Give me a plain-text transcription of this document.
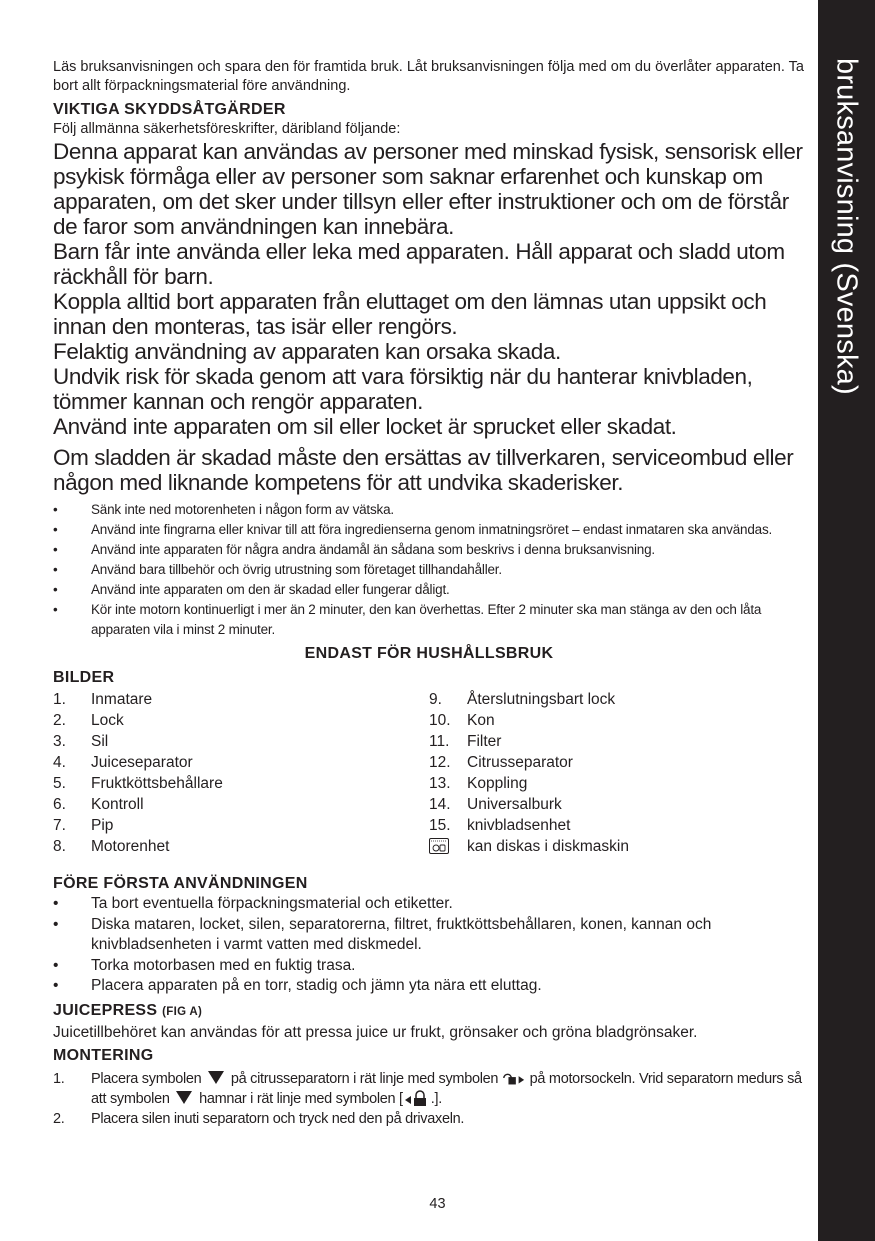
bruksanvisning (Svenska)

Läs bruksanvisningen och spara den för framtida bruk. Låt bruksanvisningen följa med om du överlåter apparaten. Ta bort allt förpackningsmaterial före användning.

VIKTIGA SKYDDSÅTGÄRDER

Följ allmänna säkerhetsföreskrifter, däribland följande:

Denna apparat kan användas av personer med minskad fysisk, sensorisk eller psykisk förmåga eller av personer som saknar erfarenhet och kunskap om apparaten, om det sker under tillsyn eller efter instruktioner och om de förstår de faror som användningen kan innebära.

Barn får inte använda eller leka med apparaten. Håll apparat och sladd utom räckhåll för barn.

Koppla alltid bort apparaten från eluttaget om den lämnas utan uppsikt och innan den monteras, tas isär eller rengörs.

Felaktig användning av apparaten kan orsaka skada.

Undvik risk för skada genom att vara försiktig när du hanterar knivbladen, tömmer kannan och rengör apparaten.

Använd inte apparaten om sil eller locket är sprucket eller skadat.

Om sladden är skadad måste den ersättas av tillverkaren, serviceombud eller någon med liknande kompetens för att undvika skaderisker.

• Sänk inte ned motorenheten i någon form av vätska.
• Använd inte fingrarna eller knivar till att föra ingredienserna genom inmatningsröret – endast inmataren ska användas.
• Använd inte apparaten för några andra ändamål än sådana som beskrivs i denna bruksanvisning.
• Använd bara tillbehör och övrig utrustning som företaget tillhandahåller.
• Använd inte apparaten om den är skadad eller fungerar dåligt.
• Kör inte motorn kontinuerligt i mer än 2 minuter, den kan överhettas. Efter 2 minuter ska man stänga av den och låta apparaten vila i minst 2 minuter.
ENDAST FÖR HUSHÅLLSBRUK
BILDER
1.	Inmatare
2.	Lock
3.	Sil
4.	Juiceseparator
5.	Fruktköttsbehållare
6.	Kontroll
7.	Pip
8.	Motorenhet
9.	Återslutningsbart lock
10.	Kon
11.	Filter
12.	Citrusseparator
13.	Koppling
14.	Universalburk
15.	knivbladsenhet
kan diskas i diskmaskin
FÖRE FÖRSTA ANVÄNDNINGEN
• Ta bort eventuella förpackningsmaterial och etiketter.
• Diska mataren, locket, silen, separatorerna, filtret, fruktköttsbehållaren, konen, kannan och knivbladsenheten i varmt vatten med diskmedel.
• Torka motorbasen med en fuktig trasa.
• Placera apparaten på en torr, stadig och jämn yta nära ett eluttag.
JUICEPRESS (FIG A)

Juicetillbehöret kan användas för att pressa juice ur frukt, grönsaker och gröna bladgrönsaker.

MONTERING
1. Placera symbolen på citrusseparatorn i rät linje med symbolen på motorsockeln. Vrid separatorn medurs så att symbolen hamnar i rät linje med symbolen [ .].
2. Placera silen inuti separatorn och tryck ned den på drivaxeln.
43
